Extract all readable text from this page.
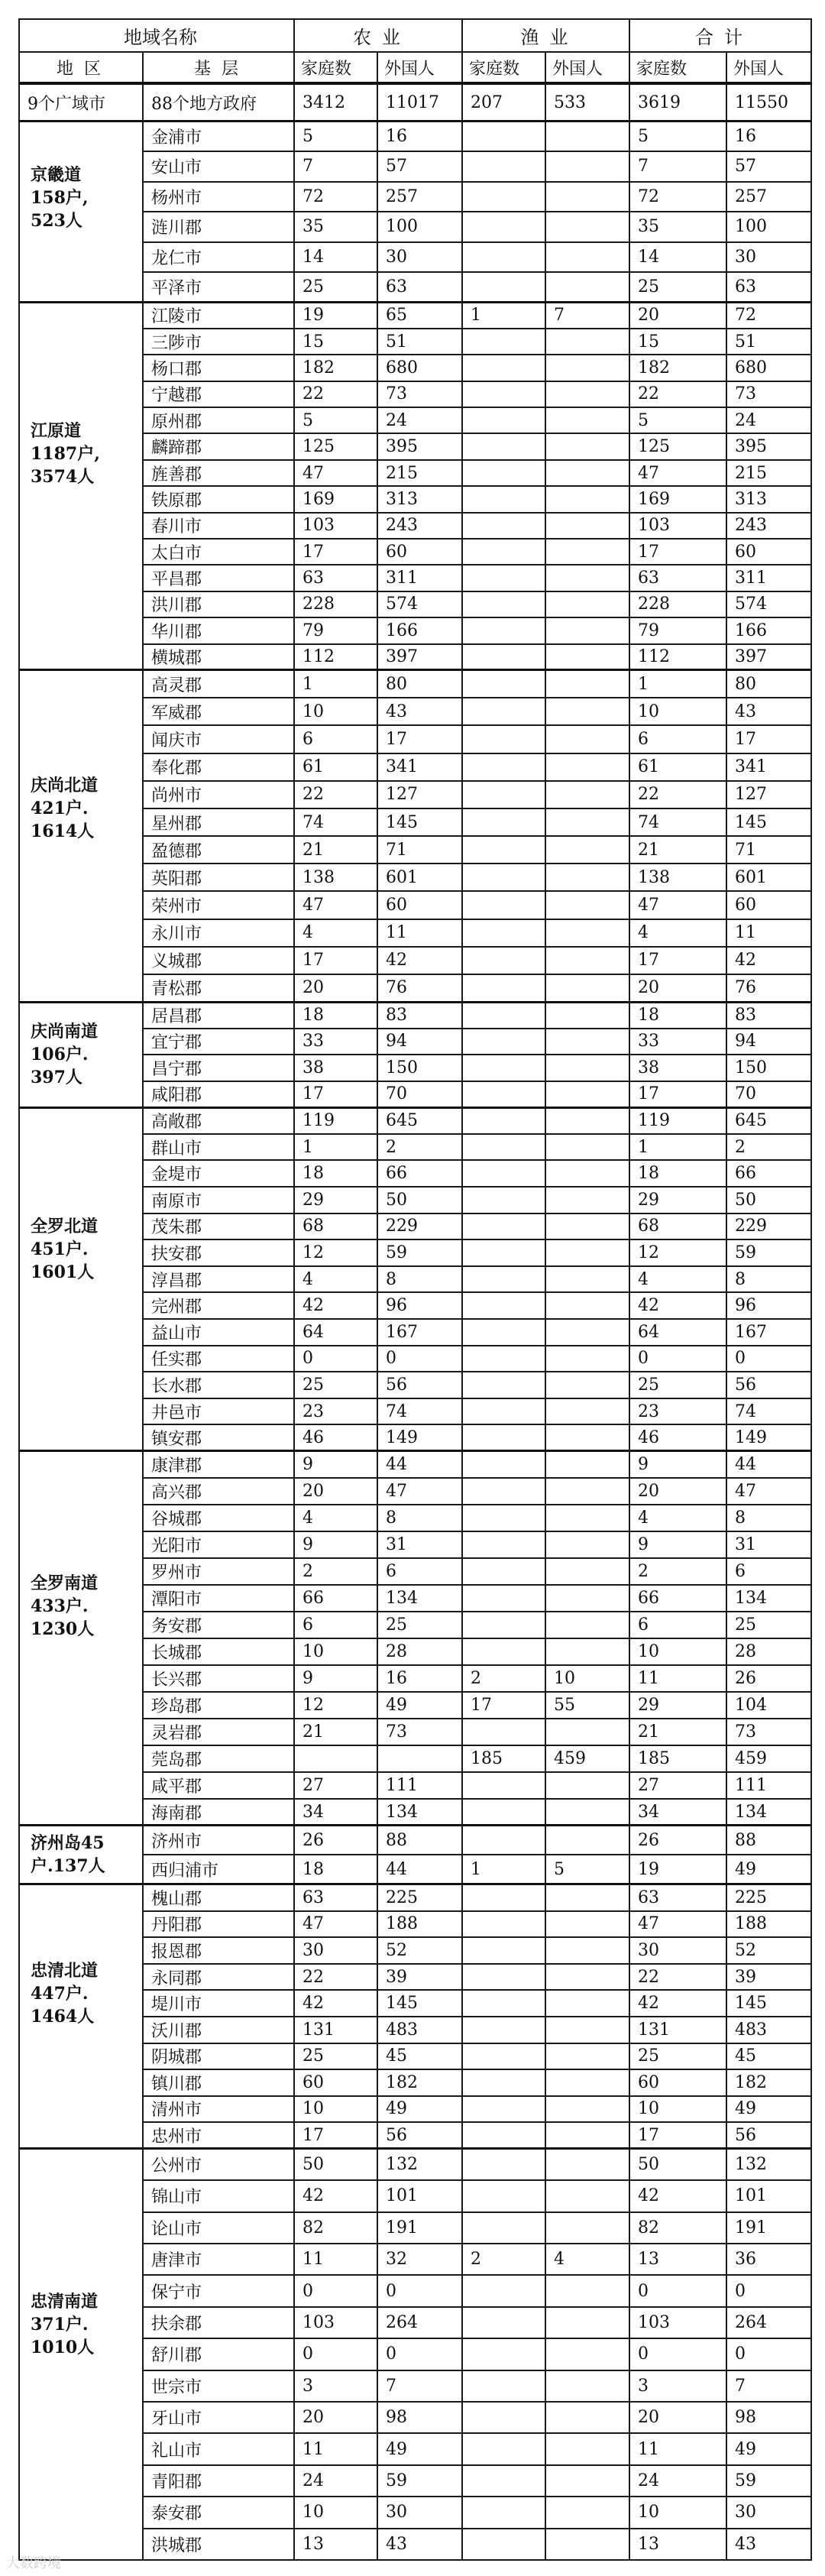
地域名称		农业		渔业		合计	
地区	基层	家庭数	外国人	家庭数	外国人	家庭数	外国人
9个广域市	88个地方政府	3412	11017	207	533	3619	11550

京畿道
158户,
523人	金浦市	5	16			5	16
	安山市	7	57			7	57
	杨州市	72	257			72	257
	涟川郡	35	100			35	100
	龙仁市	14	30			14	30
	平泽市	25	63			25	63

江原道
1187户,
3574人	江陵市	19	65	1	7	20	72
	三陟市	15	51			15	51
	杨口郡	182	680			182	680
	宁越郡	22	73			22	73
	原州郡	5	24			5	24
	麟蹄郡	125	395			125	395
	旌善郡	47	215			47	215
	铁原郡	169	313			169	313
	春川市	103	243			103	243
	太白市	17	60			17	60
	平昌郡	63	311			63	311
	洪川郡	228	574			228	574
	华川郡	79	166			79	166
	横城郡	112	397			112	397

庆尚北道
421户.
1614人	高灵郡	1	80			1	80
	军威郡	10	43			10	43
	闻庆市	6	17			6	17
	奉化郡	61	341			61	341
	尚州市	22	127			22	127
	星州郡	74	145			74	145
	盈德郡	21	71			21	71
	英阳郡	138	601			138	601
	荣州市	47	60			47	60
	永川市	4	11			4	11
	义城郡	17	42			17	42
	青松郡	20	76			20	76

庆尚南道
106户.
397人	居昌郡	18	83			18	83
	宜宁郡	33	94			33	94
	昌宁郡	38	150			38	150
	咸阳郡	17	70			17	70

全罗北道
451户.
1601人	高敞郡	119	645			119	645
	群山市	1	2			1	2
	金堤市	18	66			18	66
	南原市	29	50			29	50
	茂朱郡	68	229			68	229
	扶安郡	12	59			12	59
	淳昌郡	4	8			4	8
	完州郡	42	96			42	96
	益山市	64	167			64	167
	任实郡	0	0			0	0
	长水郡	25	56			25	56
	井邑市	23	74			23	74
	镇安郡	46	149			46	149

全罗南道
433户.
1230人	康津郡	9	44			9	44
	高兴郡	20	47			20	47
	谷城郡	4	8			4	8
	光阳市	9	31			9	31
	罗州市	2	6			2	6
	潭阳市	66	134			66	134
	务安郡	6	25			6	25
	长城郡	10	28			10	28
	长兴郡	9	16	2	10	11	26
	珍岛郡	12	49	17	55	29	104
	灵岩郡	21	73			21	73
	莞岛郡			185	459	185	459
	咸平郡	27	111			27	111
	海南郡	34	134			34	134

济州岛45
户.137人	济州市	26	88			26	88
	西归浦市	18	44	1	5	19	49

忠清北道
447户.
1464人	槐山郡	63	225			63	225
	丹阳郡	47	188			47	188
	报恩郡	30	52			30	52
	永同郡	22	39			22	39
	堤川市	42	145			42	145
	沃川郡	131	483			131	483
	阴城郡	25	45			25	45
	镇川郡	60	182			60	182
	清州市	10	49			10	49
	忠州市	17	56			17	56

忠清南道
371户.
1010人	公州市	50	132			50	132
	锦山市	42	101			42	101
	论山市	82	191			82	191
	唐津市	11	32	2	4	13	36
	保宁市	0	0			0	0
	扶余郡	103	264			103	264
	舒川郡	0	0			0	0
	世宗市	3	7			3	7
	牙山市	20	98			20	98
	礼山市	11	49			11	49
	青阳郡	24	59			24	59
	泰安郡	10	30			10	30
	洪城郡	13	43			13	43
大数跨境
